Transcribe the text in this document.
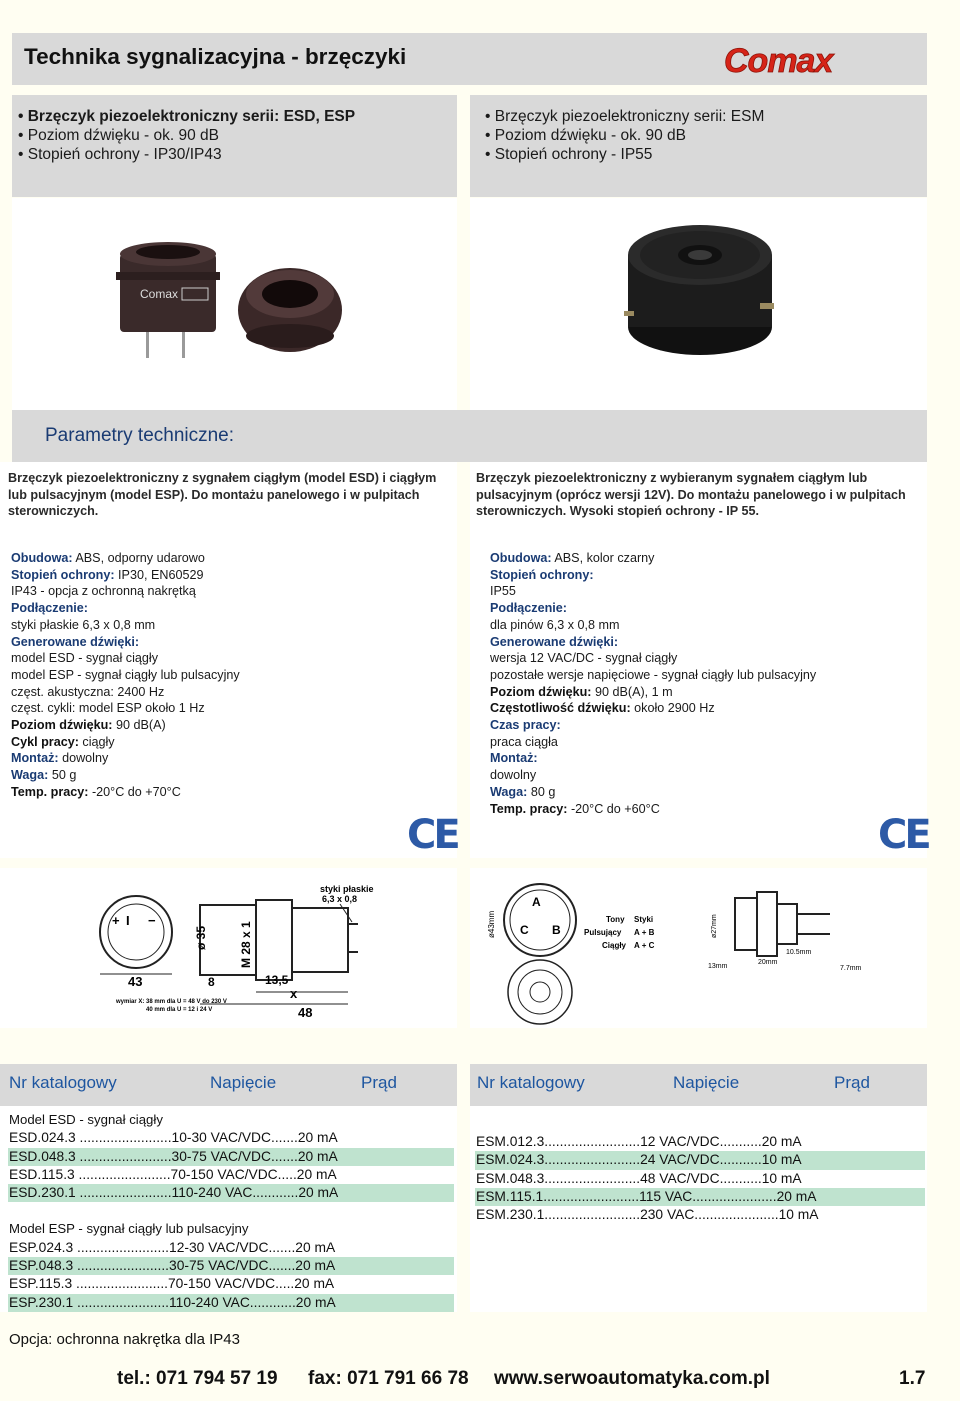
Technika sygnalizacyjna - brzęczyki	Comax
• Brzęczyk piezoelektroniczny serii: ESD, ESP
• Poziom dźwięku - ok. 90 dB
• Stopień ochrony - IP30/IP43
• Brzęczyk piezoelektroniczny serii: ESM
• Poziom dźwięku - ok. 90 dB
• Stopień ochrony - IP55
Comax
Parametry techniczne:
Brzęczyk piezoelektroniczny z sygnałem ciągłym (model ESD) i ciągłym lub pulsacyjnym (model ESP). Do montażu panelowego i w pulpitach sterowniczych.
Brzęczyk piezoelektroniczny z wybieranym sygnałem ciągłym lub pulsacyjnym (oprócz wersji 12V). Do montażu panelowego i w pulpitach sterowniczych. Wysoki stopień ochrony - IP 55.
Obudowa: ABS, odporny udarowo
Stopień ochrony: IP30, EN60529
IP43 - opcja z ochronną nakrętką
Podłączenie:
styki płaskie 6,3 x 0,8 mm
Generowane dźwięki:
model ESD - sygnał ciągły
model ESP - sygnał ciągły lub pulsacyjny
częst. akustyczna: 2400 Hz
częst. cykli: model ESP około 1 Hz
Poziom dźwięku: 90 dB(A)
Cykl pracy: ciągły
Montaż: dowolny
Waga: 50 g
Temp. pracy: -20°C do +70°C
Obudowa: ABS, kolor czarny
Stopień ochrony:
IP55
Podłączenie:
dla pinów 6,3 x 0,8 mm
Generowane dźwięki:
wersja 12 VAC/DC - sygnał ciągły
pozostałe wersje napięciowe - sygnał ciągły lub pulsacyjny
Poziom dźwięku: 90 dB(A), 1 m
Częstotliwość dźwięku: około 2900 Hz
Czas pracy:
praca ciągła
Montaż:
dowolny
Waga: 80 g
Temp. pracy: -20°C do +60°C
CE	CE
+ I −
43
ø 35	M 28 x 1
8	13,5
x
48
styki płaskie
6,3 x 0,8
wymiar X: 38 mm dla U = 48 V do 230 V
40 mm dla U = 12 i 24 V
A
C B
ø43mm	Tony Styki
Pulsujący A + B
Ciągły A + C
ø27mm
13mm
20mm
10.5mm
7.7mm
Nr katalogowy	Napięcie	Prąd	Nr katalogowy	Napięcie	Prąd
Model ESD - sygnał ciągły
ESD.024.3 ........................10-30 VAC/VDC.......20 mA
ESD.048.3 ........................30-75 VAC/VDC.......20 mA
ESD.115.3 ........................70-150 VAC/VDC.....20 mA
ESD.230.1 ........................110-240 VAC............20 mA
Model ESP - sygnał ciągły lub pulsacyjny
ESP.024.3 ........................12-30 VAC/VDC.......20 mA
ESP.048.3 ........................30-75 VAC/VDC.......20 mA
ESP.115.3 ........................70-150 VAC/VDC.....20 mA
ESP.230.1 ........................110-240 VAC............20 mA
ESM.012.3.........................12 VAC/VDC...........20 mA
ESM.024.3.........................24 VAC/VDC...........10 mA
ESM.048.3.........................48 VAC/VDC...........10 mA
ESM.115.1.........................115 VAC......................20 mA
ESM.230.1.........................230 VAC......................10 mA
Opcja: ochronna nakrętka dla IP43
tel.: 071 794 57 19 fax: 071 791 66 78 www.serwoautomatyka.com.pl	1.7
